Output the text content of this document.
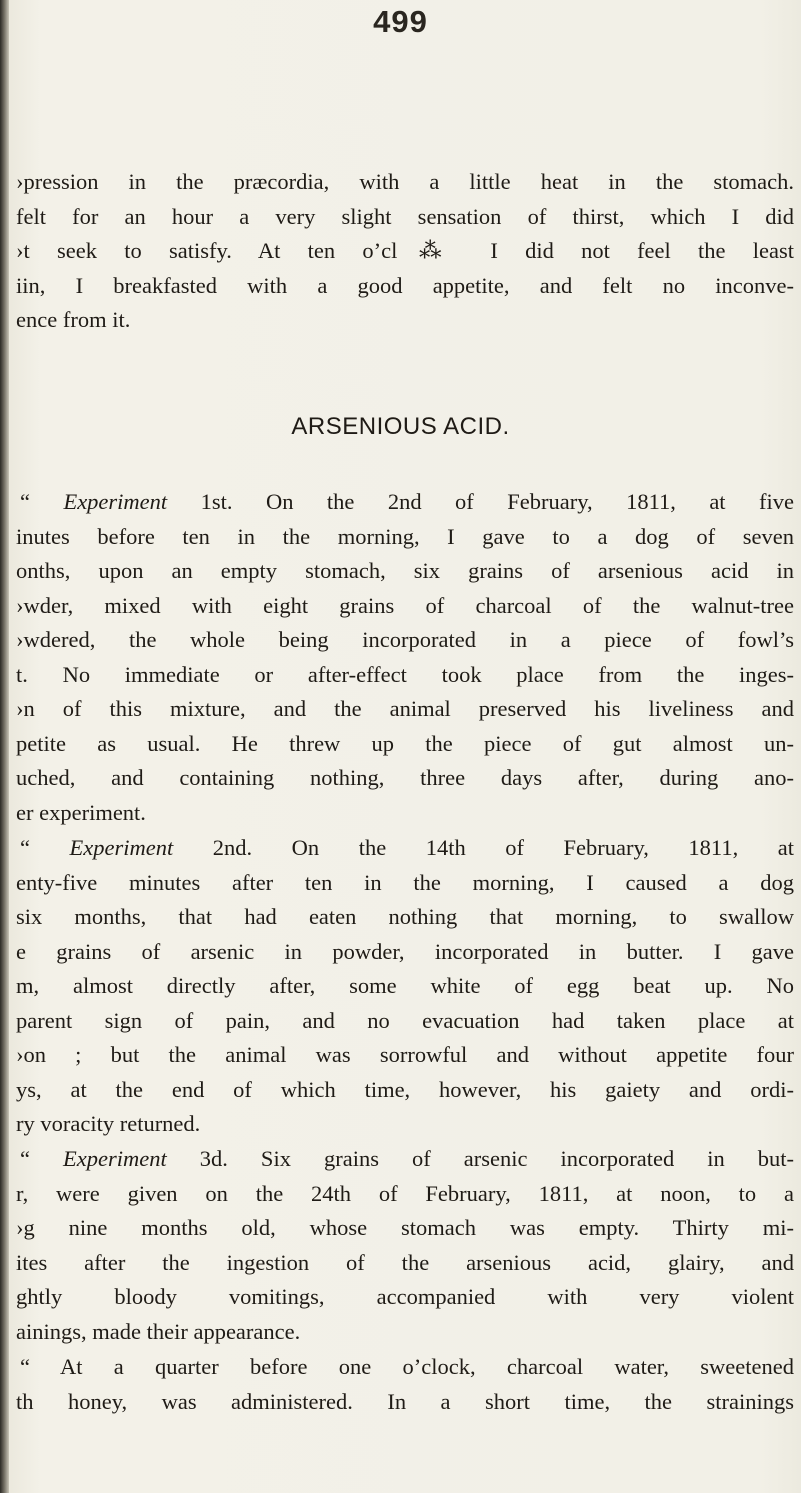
499
›pression in the præcordia, with a little heat in the stomach.
felt for an hour a very slight sensation of thirst, which I did
›t seek to satisfy. At ten o’cl⁂ I did not feel the least
iin, I breakfasted with a good appetite, and felt no inconve-
ence from it.
ARSENIOUS ACID.
“ Experiment 1st. On the 2nd of February, 1811, at five
inutes before ten in the morning, I gave to a dog of seven
onths, upon an empty stomach, six grains of arsenious acid in
›wder, mixed with eight grains of charcoal of the walnut-tree
›wdered, the whole being incorporated in a piece of fowl’s
t. No immediate or after-effect took place from the inges-
›n of this mixture, and the animal preserved his liveliness and
petite as usual. He threw up the piece of gut almost un-
uched, and containing nothing, three days after, during ano-
er experiment.
“ Experiment 2nd. On the 14th of February, 1811, at
enty-five minutes after ten in the morning, I caused a dog
six months, that had eaten nothing that morning, to swallow
e grains of arsenic in powder, incorporated in butter. I gave
m, almost directly after, some white of egg beat up. No
parent sign of pain, and no evacuation had taken place at
›on ; but the animal was sorrowful and without appetite four
ys, at the end of which time, however, his gaiety and ordi-
ry voracity returned.
“ Experiment 3d. Six grains of arsenic incorporated in but-
r, were given on the 24th of February, 1811, at noon, to a
›g nine months old, whose stomach was empty. Thirty mi-
ites after the ingestion of the arsenious acid, glairy, and
ghtly bloody vomitings, accompanied with very violent
ainings, made their appearance.
“ At a quarter before one o’clock, charcoal water, sweetened
th honey, was administered. In a short time, the strainings
